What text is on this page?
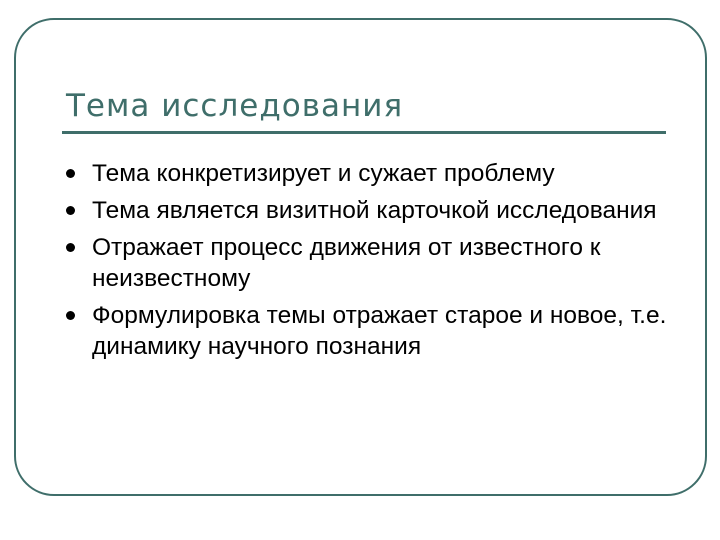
Тема исследования
Тема конкретизирует и сужает проблему
Тема является визитной карточкой исследования
Отражает процесс движения от известного к неизвестному
Формулировка темы отражает старое и новое, т.е. динамику научного познания
